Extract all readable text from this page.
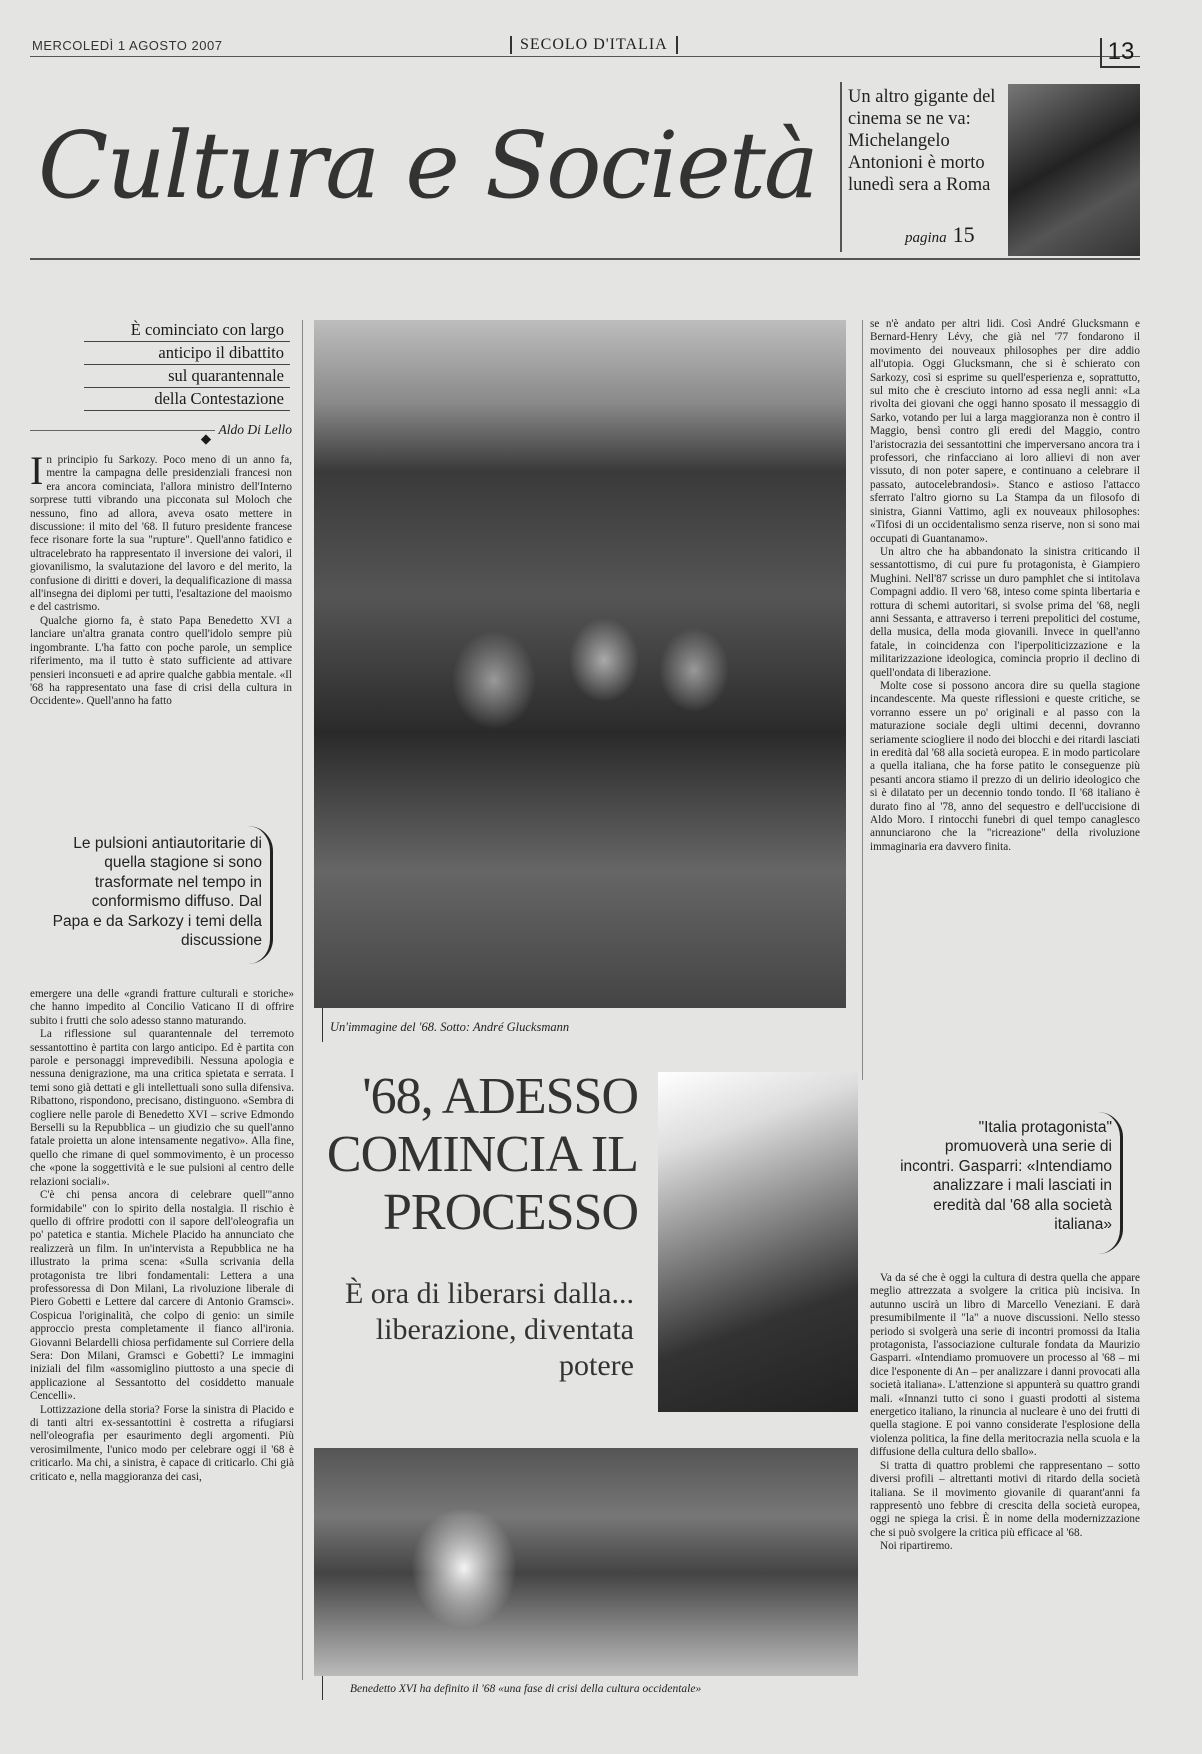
MERCOLEDÌ 1 AGOSTO 2007	SECOLO D'ITALIA	13
Cultura e Società
Un altro gigante del cinema se ne va: Michelangelo Antonioni è morto lunedì sera a Roma
pagina 15
È cominciato con largo
anticipo il dibattito
sul quarantennale
della Contestazione
◆ Aldo Di Lello

In principio fu Sarkozy. Poco meno di un anno fa, mentre la campagna delle presidenziali francesi non era ancora cominciata, l'allora ministro dell'Interno sorprese tutti vibrando una picconata sul Moloch che nessuno, fino ad allora, aveva osato mettere in discussione: il mito del '68. Il futuro presidente francese fece risonare forte la sua "rupture". Quell'anno fatidico e ultracelebrato ha rappresentato il inversione dei valori, il giovanilismo, la svalutazione del lavoro e del merito, la confusione di diritti e doveri, la dequalificazione di massa all'insegna dei diplomi per tutti, l'esaltazione del maoismo e del castrismo.

Qualche giorno fa, è stato Papa Benedetto XVI a lanciare un'altra granata contro quell'idolo sempre più ingombrante. L'ha fatto con poche parole, un semplice riferimento, ma il tutto è stato sufficiente ad attivare pensieri inconsueti e ad aprire qualche gabbia mentale. «Il '68 ha rappresentato una fase di crisi della cultura in Occidente». Quell'anno ha fatto

Le pulsioni antiautoritarie di quella stagione si sono trasformate nel tempo in conformismo diffuso. Dal Papa e da Sarkozy i temi della discussione

emergere una delle «grandi fratture culturali e storiche» che hanno impedito al Concilio Vaticano II di offrire subito i frutti che solo adesso stanno maturando.

La riflessione sul quarantennale del terremoto sessantottino è partita con largo anticipo. Ed è partita con parole e personaggi imprevedibili. Nessuna apologia e nessuna denigrazione, ma una critica spietata e serrata. I temi sono già dettati e gli intellettuali sono sulla difensiva. Ribattono, rispondono, precisano, distinguono. «Sembra di cogliere nelle parole di Benedetto XVI – scrive Edmondo Berselli su la Repubblica – un giudizio che su quell'anno fatale proietta un alone intensamente negativo». Alla fine, quello che rimane di quel sommovimento, è un processo che «pone la soggettività e le sue pulsioni al centro delle relazioni sociali».

C'è chi pensa ancora di celebrare quell'"anno formidabile" con lo spirito della nostalgia. Il rischio è quello di offrire prodotti con il sapore dell'oleografia un po' patetica e stantia. Michele Placido ha annunciato che realizzerà un film. In un'intervista a Repubblica ne ha illustrato la prima scena: «Sulla scrivania della protagonista tre libri fondamentali: Lettera a una professoressa di Don Milani, La rivoluzione liberale di Piero Gobetti e Lettere dal carcere di Antonio Gramsci». Cospicua l'originalità, che colpo di genio: un simile approccio presta completamente il fianco all'ironia. Giovanni Belardelli chiosa perfidamente sul Corriere della Sera: Don Milani, Gramsci e Gobetti? Le immagini iniziali del film «assomiglino piuttosto a una specie di applicazione al Sessantotto del cosiddetto manuale Cencelli».

Lottizzazione della storia? Forse la sinistra di Placido e di tanti altri ex-sessantottini è costretta a rifugiarsi nell'oleografia per esaurimento degli argomenti. Più verosimilmente, l'unico modo per celebrare oggi il '68 è criticarlo. Ma chi, a sinistra, è capace di criticarlo. Chi già criticato e, nella maggioranza dei casi,

Un'immagine del '68. Sotto: André Glucksmann
'68, ADESSO COMINCIA IL PROCESSO
È ora di liberarsi dalla... liberazione, diventata potere
Benedetto XVI ha definito il '68 «una fase di crisi della cultura occidentale»

se n'è andato per altri lidi. Così André Glucksmann e Bernard-Henry Lévy, che già nel '77 fondarono il movimento dei nouveaux philosophes per dire addio all'utopia. Oggi Glucksmann, che si è schierato con Sarkozy, così si esprime su quell'esperienza e, soprattutto, sul mito che è cresciuto intorno ad essa negli anni: «La rivolta dei giovani che oggi hanno sposato il messaggio di Sarko, votando per lui a larga maggioranza non è contro il Maggio, bensì contro gli eredi del Maggio, contro l'aristocrazia dei sessantottini che imperversano ancora tra i professori, che rinfacciano ai loro allievi di non aver vissuto, di non poter sapere, e continuano a celebrare il passato, autocelebrandosi». Stanco e astioso l'attacco sferrato l'altro giorno su La Stampa da un filosofo di sinistra, Gianni Vattimo, agli ex nouveaux philosophes: «Tifosi di un occidentalismo senza riserve, non si sono mai occupati di Guantanamo».

Un altro che ha abbandonato la sinistra criticando il sessantottismo, di cui pure fu protagonista, è Giampiero Mughini. Nell'87 scrisse un duro pamphlet che si intitolava Compagni addio. Il vero '68, inteso come spinta libertaria e rottura di schemi autoritari, si svolse prima del '68, negli anni Sessanta, e attraverso i terreni prepolitici del costume, della musica, della moda giovanili. Invece in quell'anno fatale, in coincidenza con l'iperpoliticizzazione e la militarizzazione ideologica, comincia proprio il declino di quell'ondata di liberazione.

Molte cose si possono ancora dire su quella stagione incandescente. Ma queste riflessioni e queste critiche, se vorranno essere un po' originali e al passo con la maturazione sociale degli ultimi decenni, dovranno seriamente sciogliere il nodo dei blocchi e dei ritardi lasciati in eredità dal '68 alla società europea. E in modo particolare a quella italiana, che ha forse patito le conseguenze più pesanti ancora stiamo il prezzo di un delirio ideologico che si è dilatato per un decennio tondo tondo. Il '68 italiano è durato fino al '78, anno del sequestro e dell'uccisione di Aldo Moro. I rintocchi funebri di quel tempo canaglesco annunciarono che la "ricreazione" della rivoluzione immaginaria era davvero finita.

"Italia protagonista" promuoverà una serie di incontri. Gasparri: «Intendiamo analizzare i mali lasciati in eredità dal '68 alla società italiana»

Va da sé che è oggi la cultura di destra quella che appare meglio attrezzata a svolgere la critica più incisiva. In autunno uscirà un libro di Marcello Veneziani. E darà presumibilmente il "la" a nuove discussioni. Nello stesso periodo si svolgerà una serie di incontri promossi da Italia protagonista, l'associazione culturale fondata da Maurizio Gasparri. «Intendiamo promuovere un processo al '68 – mi dice l'esponente di An – per analizzare i danni provocati alla società italiana». L'attenzione si appunterà su quattro grandi mali. «Innanzi tutto ci sono i guasti prodotti al sistema energetico italiano, la rinuncia al nucleare è uno dei frutti di quella stagione. E poi vanno considerate l'esplosione della violenza politica, la fine della meritocrazia nella scuola e la diffusione della cultura dello sballo».

Si tratta di quattro problemi che rappresentano – sotto diversi profili – altrettanti motivi di ritardo della società italiana. Se il movimento giovanile di quarant'anni fa rappresentò uno febbre di crescita della società europea, oggi ne spiega la crisi. È in nome della modernizzazione che si può svolgere la critica più efficace al '68.

Noi ripartiremo.
